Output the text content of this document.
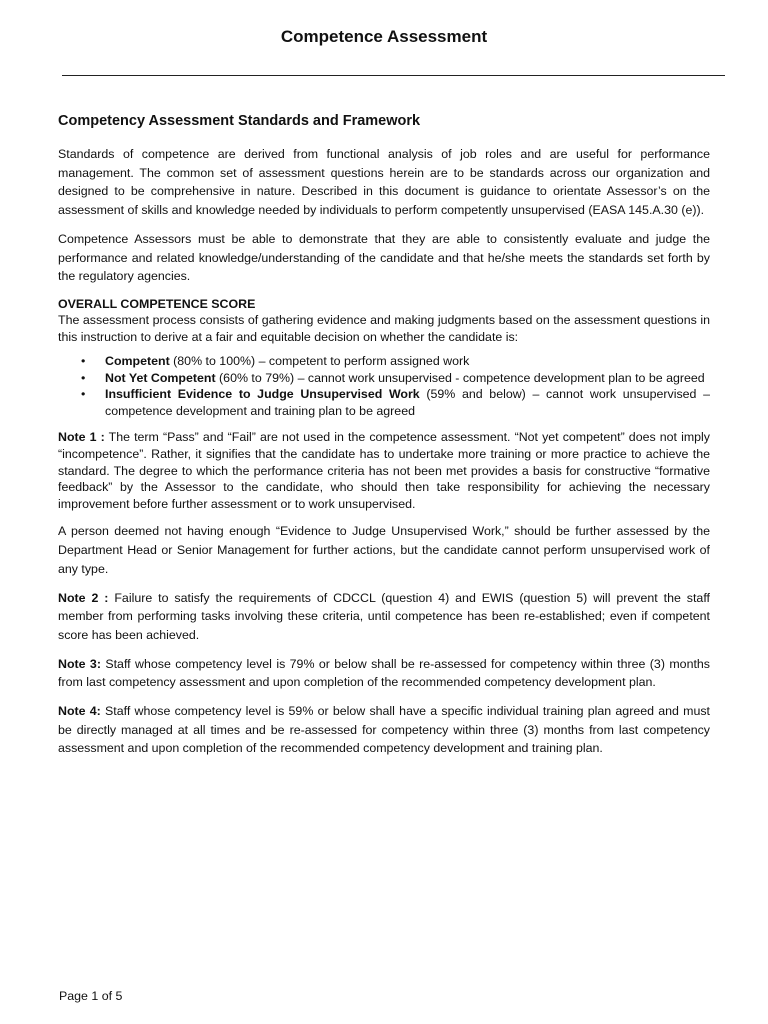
Competence Assessment
Competency Assessment Standards and Framework

Standards of competence are derived from functional analysis of job roles and are useful for performance management. The common set of assessment questions herein are to be standards across our organization and designed to be comprehensive in nature. Described in this document is guidance to orientate Assessor’s on the assessment of skills and knowledge needed by individuals to perform competently unsupervised (EASA 145.A.30 (e)).

Competence Assessors must be able to demonstrate that they are able to consistently evaluate and judge the performance and related knowledge/understanding of the candidate and that he/she meets the standards set forth by the regulatory agencies.

OVERALL COMPETENCE SCORE

The assessment process consists of gathering evidence and making judgments based on the assessment questions in this instruction to derive at a fair and equitable decision on whether the candidate is:

• Competent (80% to 100%) – competent to perform assigned work
• Not Yet Competent (60% to 79%) – cannot work unsupervised - competence development plan to be agreed
• Insufficient Evidence to Judge Unsupervised Work (59% and below) – cannot work unsupervised – competence development and training plan to be agreed

Note 1 : The term “Pass” and “Fail” are not used in the competence assessment. “Not yet competent” does not imply “incompetence”. Rather, it signifies that the candidate has to undertake more training or more practice to achieve the standard. The degree to which the performance criteria has not been met provides a basis for constructive “formative feedback” by the Assessor to the candidate, who should then take responsibility for achieving the necessary improvement before further assessment or to work unsupervised.

A person deemed not having enough “Evidence to Judge Unsupervised Work,” should be further assessed by the Department Head or Senior Management for further actions, but the candidate cannot perform unsupervised work of any type.

Note 2 : Failure to satisfy the requirements of CDCCL (question 4) and EWIS (question 5) will prevent the staff member from performing tasks involving these criteria, until competence has been re-established; even if competent score has been achieved.

Note 3: Staff whose competency level is 79% or below shall be re-assessed for competency within three (3) months from last competency assessment and upon completion of the recommended competency development plan.

Note 4: Staff whose competency level is 59% or below shall have a specific individual training plan agreed and must be directly managed at all times and be re-assessed for competency within three (3) months from last competency assessment and upon completion of the recommended competency development and training plan.

Page 1 of 5
